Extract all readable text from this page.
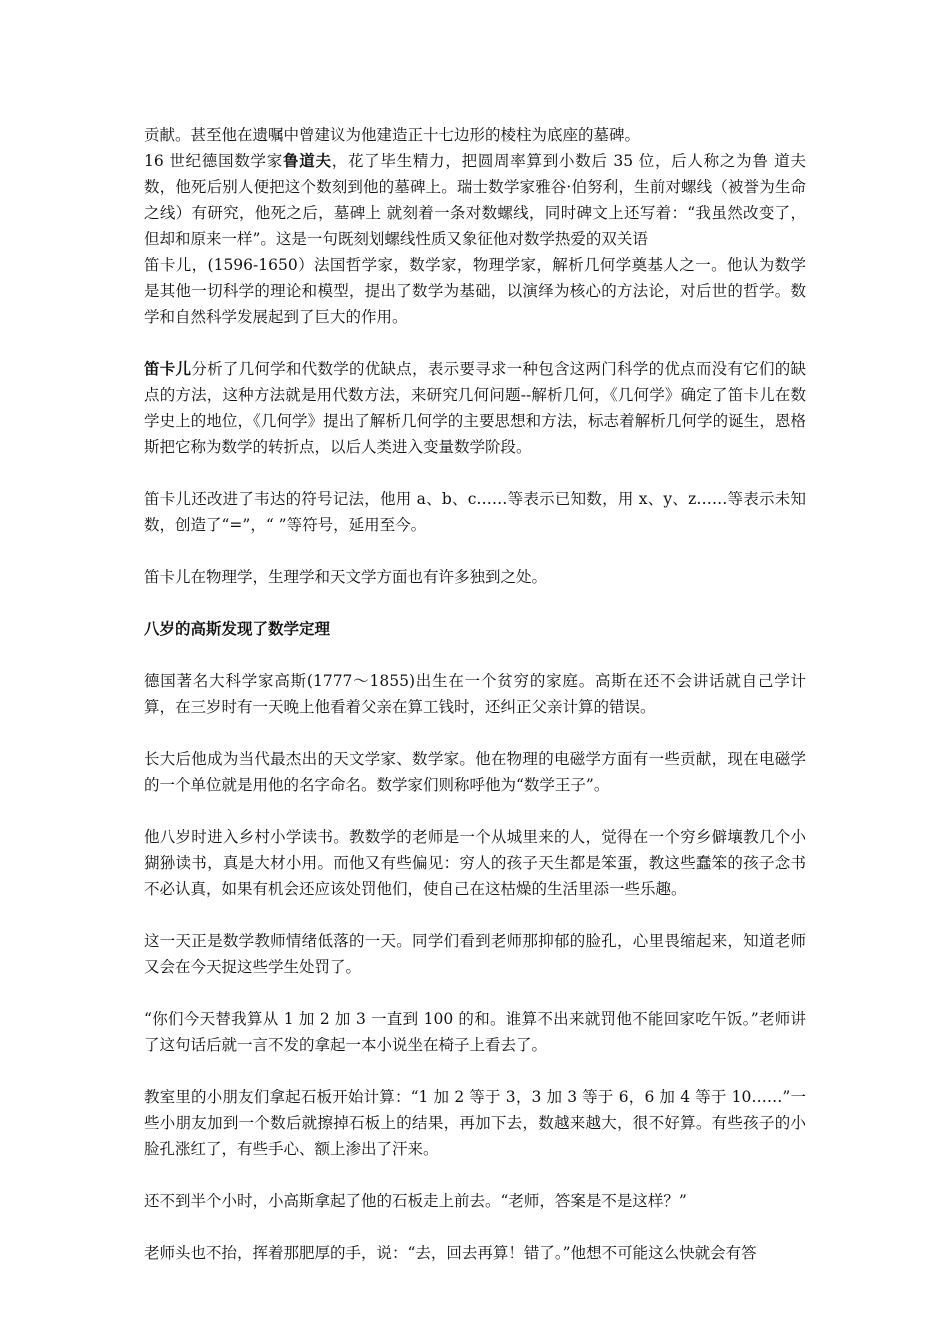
贡献。甚至他在遗嘱中曾建议为他建造正十七边形的棱柱为底座的墓碑。

16 世纪德国数学家鲁道夫，花了毕生精力，把圆周率算到小数后 35 位，后人称之为鲁 道夫数，他死后别人便把这个数刻到他的墓碑上。瑞士数学家雅谷·伯努利，生前对螺线（被誉为生命之线）有研究，他死之后，墓碑上 就刻着一条对数螺线，同时碑文上还写着：“我虽然改变了，但却和原来一样”。这是一句既刻划螺线性质又象征他对数学热爱的双关语

笛卡儿，(1596-1650）法国哲学家，数学家，物理学家，解析几何学奠基人之一。他认为数学是其他一切科学的理论和模型，提出了数学为基础，以演绎为核心的方法论，对后世的哲学。数学和自然科学发展起到了巨大的作用。

笛卡儿分析了几何学和代数学的优缺点，表示要寻求一种包含这两门科学的优点而没有它们的缺点的方法，这种方法就是用代数方法，来研究几何问题--解析几何，《几何学》确定了笛卡儿在数学史上的地位，《几何学》提出了解析几何学的主要思想和方法，标志着解析几何学的诞生，恩格斯把它称为数学的转折点，以后人类进入变量数学阶段。

笛卡儿还改进了韦达的符号记法，他用 a、b、c……等表示已知数，用 x、y、z……等表示未知数，创造了“=”，“ ”等符号，延用至今。

笛卡儿在物理学，生理学和天文学方面也有许多独到之处。

八岁的高斯发现了数学定理

德国著名大科学家高斯(1777～1855)出生在一个贫穷的家庭。高斯在还不会讲话就自己学计算，在三岁时有一天晚上他看着父亲在算工钱时，还纠正父亲计算的错误。

长大后他成为当代最杰出的天文学家、数学家。他在物理的电磁学方面有一些贡献，现在电磁学的一个单位就是用他的名字命名。数学家们则称呼他为“数学王子”。

他八岁时进入乡村小学读书。教数学的老师是一个从城里来的人，觉得在一个穷乡僻壤教几个小猢狲读书，真是大材小用。而他又有些偏见：穷人的孩子天生都是笨蛋，教这些蠢笨的孩子念书不必认真，如果有机会还应该处罚他们，使自己在这枯燥的生活里添一些乐趣。

这一天正是数学教师情绪低落的一天。同学们看到老师那抑郁的脸孔，心里畏缩起来，知道老师又会在今天捉这些学生处罚了。

“你们今天替我算从 1 加 2 加 3 一直到 100 的和。谁算不出来就罚他不能回家吃午饭。”老师讲了这句话后就一言不发的拿起一本小说坐在椅子上看去了。

教室里的小朋友们拿起石板开始计算：“1 加 2 等于 3，3 加 3 等于 6，6 加 4 等于 10……”一些小朋友加到一个数后就擦掉石板上的结果，再加下去，数越来越大，很不好算。有些孩子的小脸孔涨红了，有些手心、额上渗出了汗来。

还不到半个小时，小高斯拿起了他的石板走上前去。“老师，答案是不是这样？”

老师头也不抬，挥着那肥厚的手，说：“去，回去再算！错了。”他想不可能这么快就会有答
